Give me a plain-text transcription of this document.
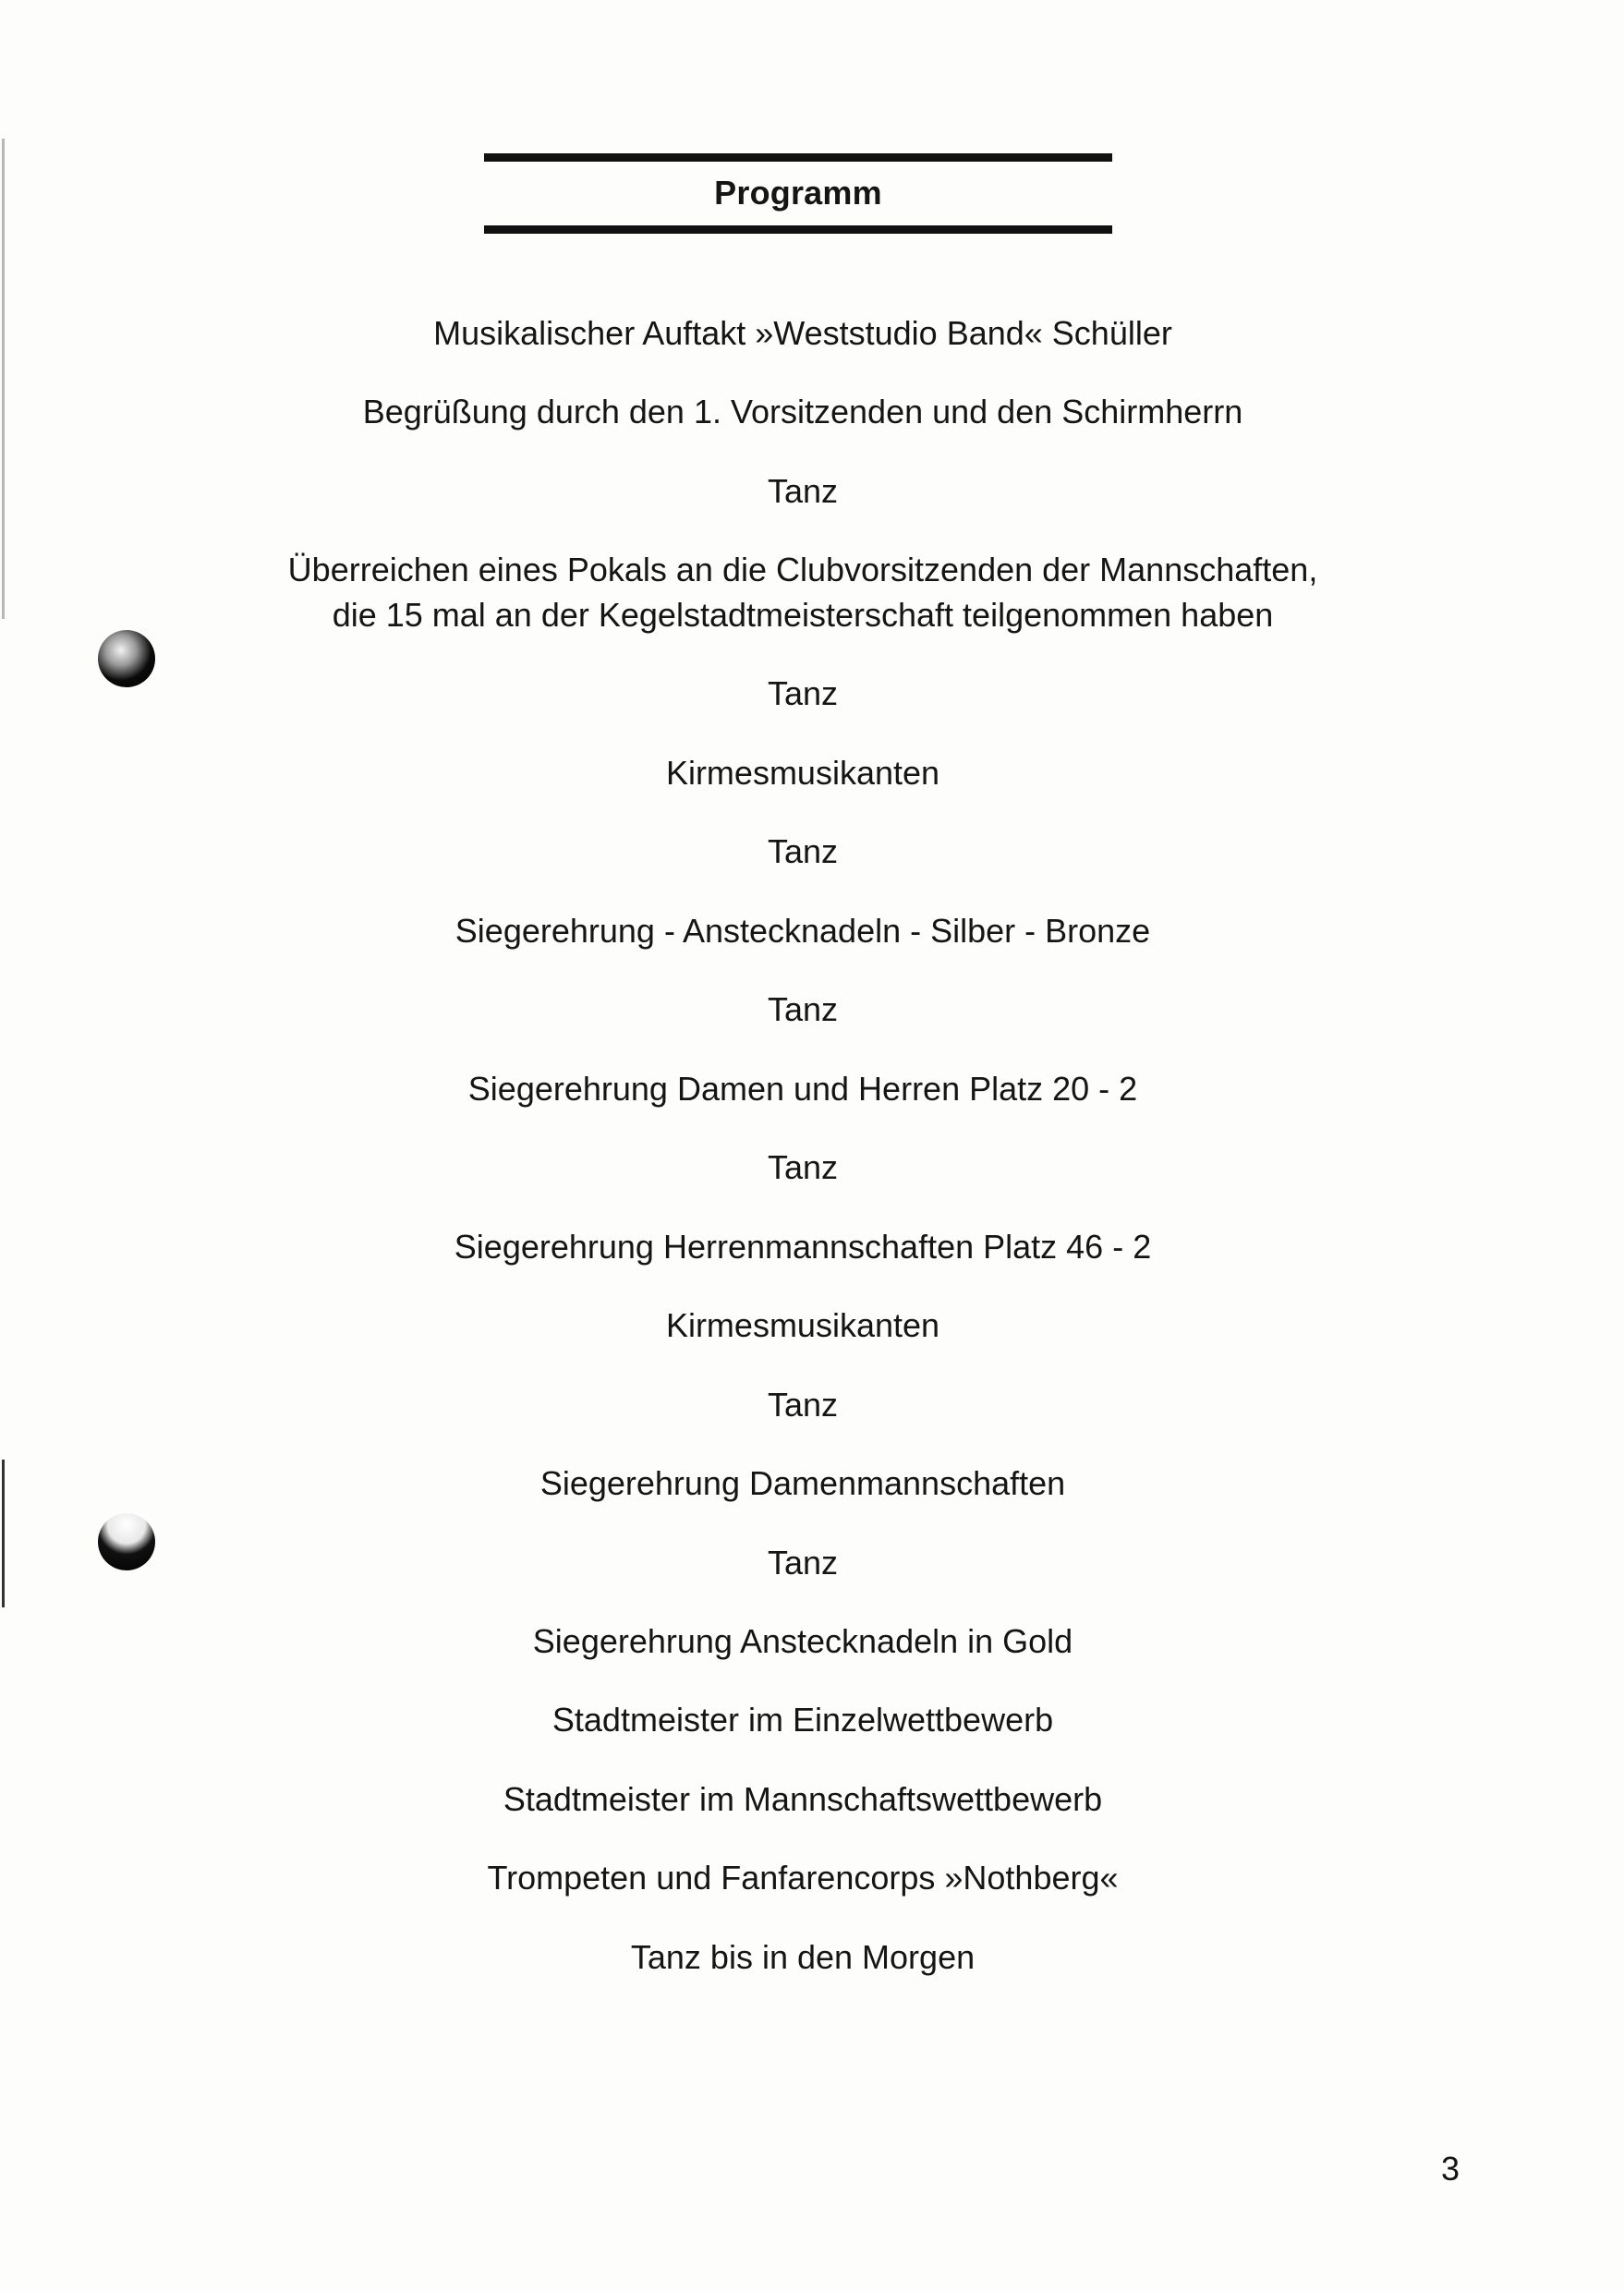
Programm
Musikalischer Auftakt »Weststudio Band« Schüller
Begrüßung durch den 1. Vorsitzenden und den Schirmherrn
Tanz
Überreichen eines Pokals an die Clubvorsitzenden der Mannschaften,
die 15 mal an der Kegelstadtmeisterschaft teilgenommen haben
Tanz
Kirmesmusikanten
Tanz
Siegerehrung - Anstecknadeln - Silber - Bronze
Tanz
Siegerehrung Damen und Herren Platz 20 - 2
Tanz
Siegerehrung Herrenmannschaften Platz 46 - 2
Kirmesmusikanten
Tanz
Siegerehrung Damenmannschaften
Tanz
Siegerehrung Anstecknadeln in Gold
Stadtmeister im Einzelwettbewerb
Stadtmeister im Mannschaftswettbewerb
Trompeten und Fanfarencorps »Nothberg«
Tanz bis in den Morgen
3
